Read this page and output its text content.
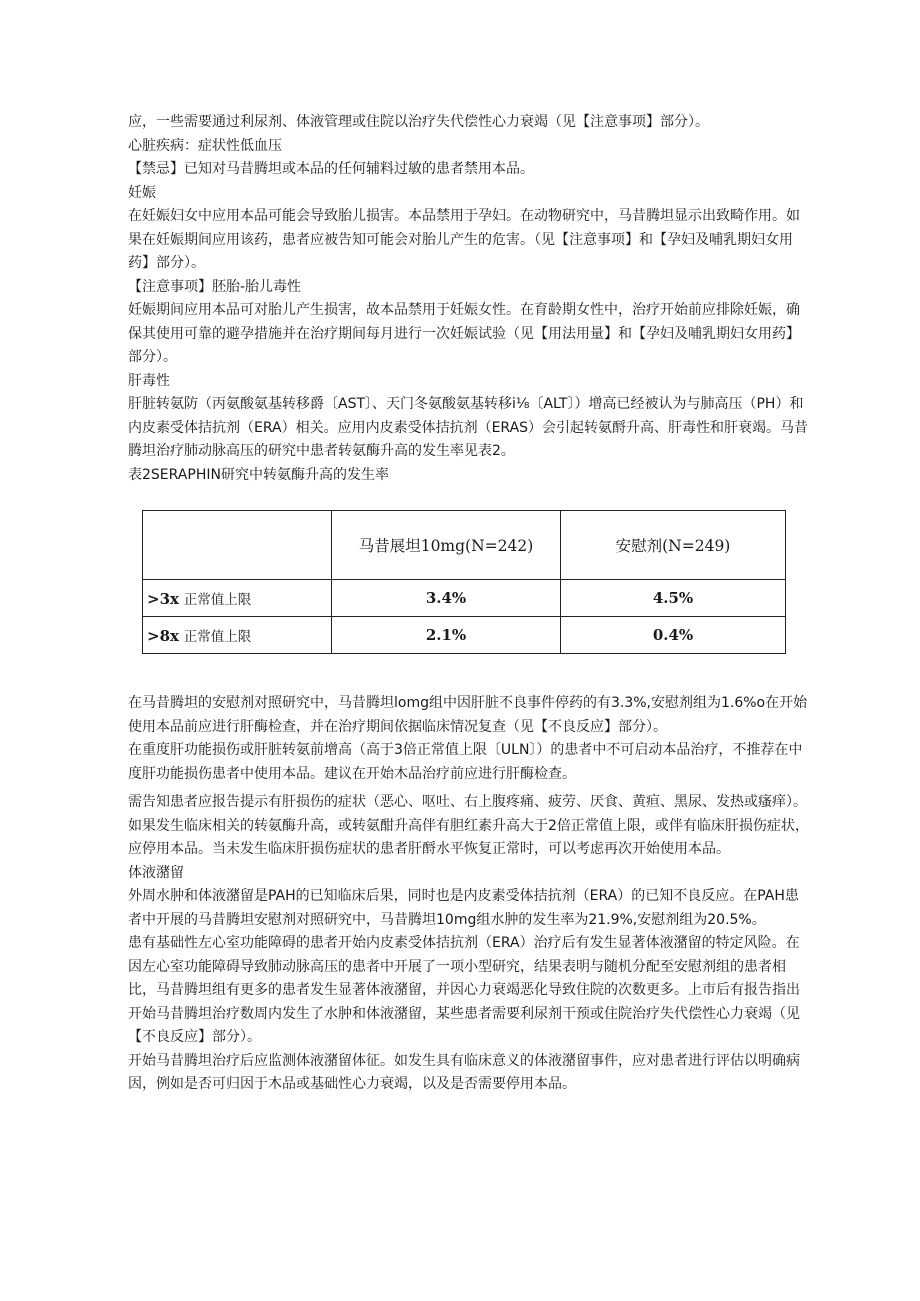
应，一些需要通过利尿剂、体液管理或住院以治疗失代偿性心力衰竭（见【注意事项】部分）。

心脏疾病：症状性低血压

【禁忌】已知对马昔腾坦或本品的任何辅料过敏的患者禁用本品。

妊娠

在妊娠妇女中应用本品可能会导致胎儿损害。本品禁用于孕妇。在动物研究中，马昔腾坦显示出致畸作用。如果在妊娠期间应用该药，患者应被告知可能会对胎儿产生的危害。（见【注意事项】和【孕妇及哺乳期妇女用药】部分）。

【注意事项】胚胎-胎儿毒性

妊娠期间应用本品可对胎儿产生损害，故本品禁用于妊娠女性。在育龄期女性中，治疗开始前应排除妊娠，确保其使用可靠的避孕措施并在治疗期间每月进行一次妊娠试验（见【用法用量】和【孕妇及哺乳期妇女用药】部分）。

肝毒性

肝脏转氨防（丙氨酸氨基转移爵〔AST〕、天门冬氨酸氨基转移i⅛〔ALT〕）增高已经被认为与肺高压（PH）和内皮素受体拮抗剂（ERA）相关。应用内皮素受体拮抗剂（ERAS）会引起转氨酹升高、肝毒性和肝衰竭。马昔腾坦治疗肺动脉高压的研究中患者转氨酶升高的发生率见表2。

表2SERAPHIN研究中转氨酶升高的发生率

	马昔展坦10mg(N=242)	安慰剂(N=249)
>3x 正常值上限	3.4%	4.5%
>8x 正常值上限	2.1%	0.4%

在马昔腾坦的安慰剂对照研究中，马昔腾坦lomg组中因肝脏不良事件停药的有3.3%,安慰剂组为1.6%o在开始使用本品前应进行肝酶检查，并在治疗期间依据临床情况复查（见【不良反应】部分）。

在重度肝功能损伤或肝脏转氨前增高（高于3倍正常值上限〔ULN〕）的患者中不可启动本品治疗，不推荐在中度肝功能损伤患者中使用本品。建议在开始木品治疗前应进行肝酶检查。

需告知患者应报告提示有肝损伤的症状（恶心、呕吐、右上腹疼痛、疲劳、厌食、黄疸、黑尿、发热或瘙痒）。如果发生临床相关的转氨酶升高，或转氨酣升高伴有胆红素升高大于2倍正常值上限，或伴有临床肝损伤症状，应停用本品。当未发生临床肝损伤症状的患者肝酹水平恢复正常时，可以考虑再次开始使用本品。

体液潴留

外周水肿和体液潴留是PAH的已知临床后果，同时也是内皮素受体拮抗剂（ERA）的已知不良反应。在PAH患者中开展的马昔腾坦安慰剂对照研究中，马昔腾坦10mg组水肿的发生率为21.9%,安慰剂组为20.5%。

患有基础性左心室功能障碍的患者开始内皮素受体拮抗剂（ERA）治疗后有发生显著体液潴留的特定风险。在因左心室功能障碍导致肺动脉高压的患者中开展了一项小型研究，结果表明与随机分配至安慰剂组的患者相比，马昔腾坦组有更多的患者发生显著体液潴留，并因心力衰竭恶化导致住院的次数更多。上市后有报告指出开始马昔腾坦治疗数周内发生了水肿和体液潴留，某些患者需要利尿剂干预或住院治疗失代偿性心力衰竭（见【不良反应】部分）。

开始马昔腾坦治疗后应监测体液潴留体征。如发生具有临床意义的体液潴留事件，应对患者进行评估以明确病因，例如是否可归因于木品或基础性心力衰竭，以及是否需要停用本品。
